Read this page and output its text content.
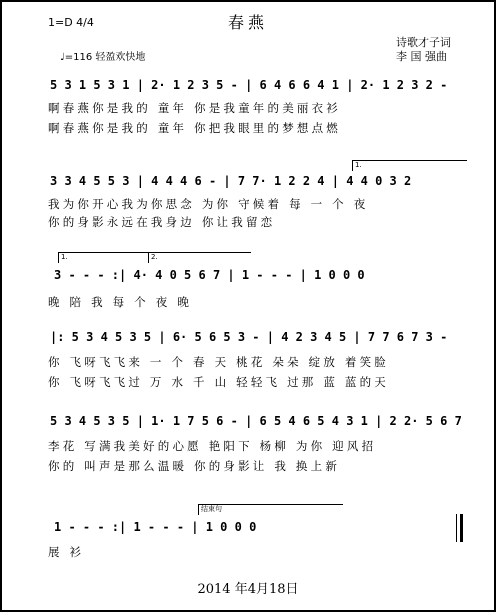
春燕
1=D 4/4
♩=116 轻盈欢快地
诗歌才子词
李 国 强曲
5 3 1 5 3 1 | 2· 1 2 3 5 - | 6 4 6 6 4 1 | 2· 1 2 3 2 -
啊春燕你是我的 童年 你是我童年的美丽衣衫
啊春燕你是我的 童年 你把我眼里的梦想点燃
1.
3 3 4 5 5 3 | 4 4 4 6 - | 7 7· 1 2 2 4 | 4 4 0 3 2
我为你开心我为你思念 为你 守候着 每 一 个 夜
你的身影永远在我身边 你让我留恋
1.	2.
3 - - - :| 4· 4 0 5 6 7 | 1 - - - | 1 0 0 0
晚 陪 我 每 个 夜 晚
|: 5 3 4 5 3 5 | 6· 5 6 5 3 - | 4 2 3 4 5 | 7 7 6 7 3 -
你 飞呀飞飞来 一 个 春 天 桃花 朵朵 绽放 着笑脸
你 飞呀飞飞过 万 水 千 山 轻轻飞 过那 蓝 蓝的天
5 3 4 5 3 5 | 1· 1 7 5 6 - | 6 5 4 6 5 4 3 1 | 2 2· 5 6 7
李花 写满我美好的心愿 艳阳下 杨柳 为你 迎风招
你的 叫声是那么温暖 你的身影让 我 换上新
结束句
1 - - - :| 1 - - - | 1 0 0 0
展 衫
2014 年4月18日
